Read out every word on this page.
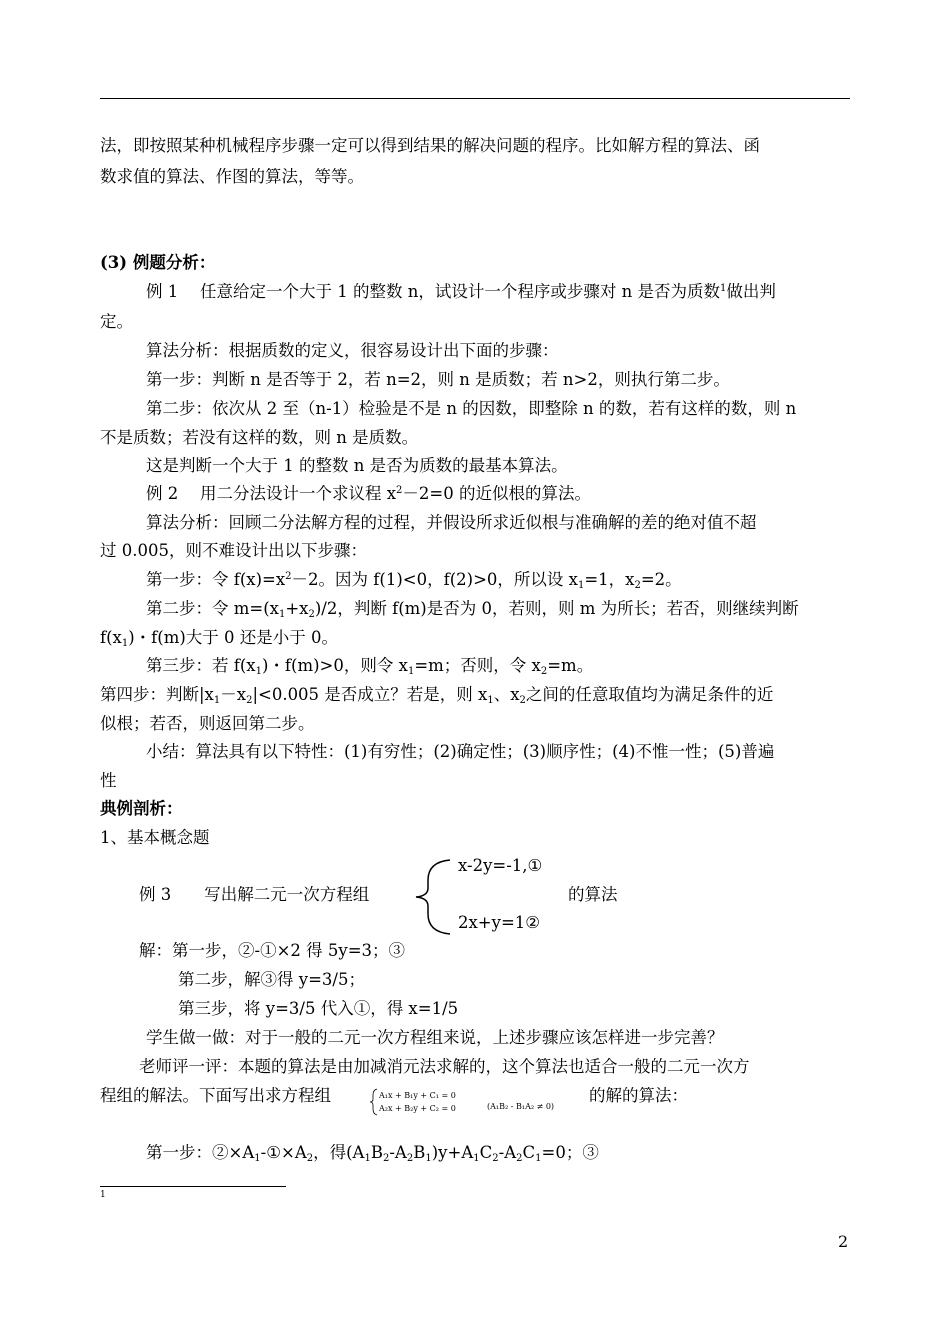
法，即按照某种机械程序步骤一定可以得到结果的解决问题的程序。比如解方程的算法、函
数求值的算法、作图的算法，等等。
(3) 例题分析：
例 1　 任意给定一个大于 1 的整数 n，试设计一个程序或步骤对 n 是否为质数$^1$做出判
定。
算法分析：根据质数的定义，很容易设计出下面的步骤：
第一步：判断 n 是否等于 2，若 n=2，则 n 是质数；若 n>2，则执行第二步。
第二步：依次从 2 至（n-1）检验是不是 n 的因数，即整除 n 的数，若有这样的数，则 n
不是质数；若没有这样的数，则 n 是质数。
这是判断一个大于 1 的整数 n 是否为质数的最基本算法。
例 2　 用二分法设计一个求议程 $x^2-2=0$ 的近似根的算法。
算法分析：回顾二分法解方程的过程，并假设所求近似根与准确解的差的绝对值不超
过 0.005，则不难设计出以下步骤：
第一步：令 $f(x)=x^2-2$。因为 f(1)<0，f(2)>0，所以设 $x_1=1$，$x_2=2$。
第二步：令 $m=(x_1+x_2)/2$，判断 f(m)是否为 0，若则，则 m 为所长；若否，则继续判断
$f(x_1)$・f(m)大于 0 还是小于 0。
第三步：若 $f(x_1)$・f(m)>0，则令 $x_1=m$；否则，令 $x_2=m$。
第四步：判断$|x_1-x_2|<0.005$ 是否成立？若是，则 $x_1$、$x_2$之间的任意取值均为满足条件的近
似根；若否，则返回第二步。
小结：算法具有以下特性：(1)有穷性；(2)确定性；(3)顺序性；(4)不惟一性；(5)普遍
性
典例剖析：
1、基本概念题
例 3　　写出解二元一次方程组
x-2y=-1,①
2x+y=1②
的算法
解：第一步，②-①×2 得 5y=3；③
第二步，解③得 y=3/5；
第三步，将 y=3/5 代入①，得 x=1/5
学生做一做：对于一般的二元一次方程组来说，上述步骤应该怎样进一步完善？
老师评一评：本题的算法是由加减消元法求解的，这个算法也适合一般的二元一次方
程组的解法。下面写出求方程组	A₁x + B₁y + C₁ = 0
A₂x + B₂y + C₂ = 0	(A₁B₂ - B₁A₂ ≠ 0)
的解的算法：
第一步：$②\times A_1-①\times A_2$，得$(A_1B_2-A_2B_1)y+A_1C_2-A_2C_1=0$；③
1
2
